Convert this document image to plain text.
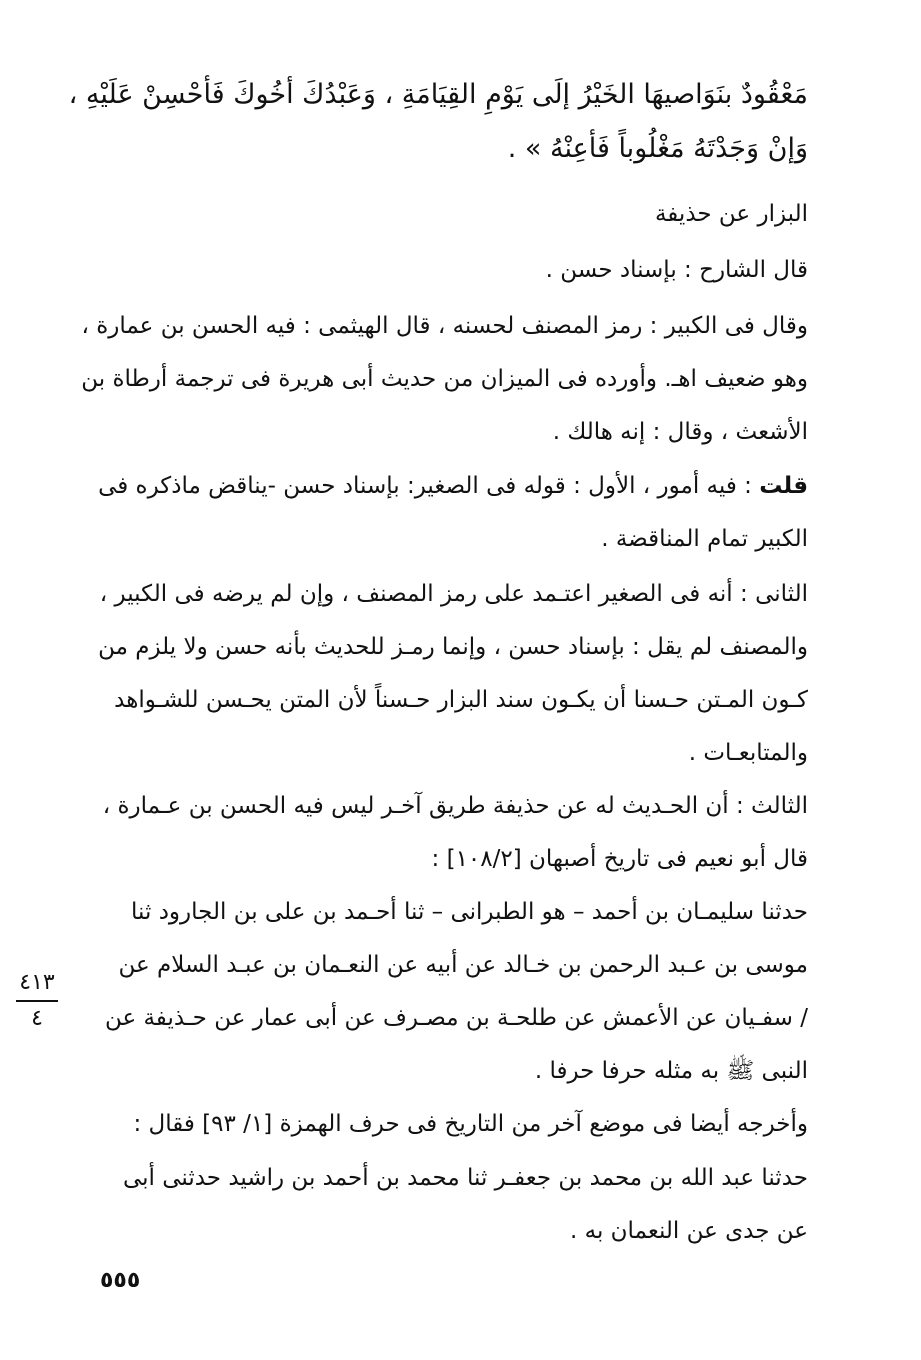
مَعْقُودٌ بنَوَاصيهَا الخَيْرُ إلَى يَوْمِ القِيَامَةِ ، وَعَبْدُكَ أخُوكَ فَأحْسِنْ عَلَيْهِ ،
وَإنْ وَجَدْتَهُ مَغْلُوباً فَأعِنْهُ » .
البزار عن حذيفة
قال الشارح : بإسناد حسن .
وقال فى الكبير : رمز المصنف لحسنه ، قال الهيثمى : فيه الحسن بن عمارة ،
وهو ضعيف اهـ. وأورده فى الميزان من حديث أبى هريرة فى ترجمة أرطاة بن
الأشعث ، وقال : إنه هالك .
قلت : فيه أمور ، الأول : قوله فى الصغير: بإسناد حسن -يناقض ماذكره فى
الكبير تمام المناقضة .
الثانى : أنه فى الصغير اعتـمد على رمز المصنف ، وإن لم يرضه فى الكبير ،
والمصنف لم يقل : بإسناد حسن ، وإنما رمـز للحديث بأنه حسن ولا يلزم من
كـون المـتن حـسنا أن يكـون سند البزار حـسناً لأن المتن يحـسن للشـواهد
والمتابعـات .
الثالث : أن الحـديث له عن حذيفة طريق آخـر ليس فيه الحسن بن عـمارة ،
قال أبو نعيم فى تاريخ أصبهان [١٠٨/٢] :
حدثنا سليمـان بن أحمد – هو الطبرانى – ثنا أحـمد بن على بن الجارود ثنا
موسى بن عـبد الرحمن بن خـالد عن أبيه عن النعـمان بن عبـد السلام عن
/ سفـيان عن الأعمش عن طلحـة بن مصـرف عن أبى عمار عن حـذيفة عن
النبى ﷺ به مثله حرفا حرفا .
وأخرجه أيضا فى موضع آخر من التاريخ فى حرف الهمزة [١/ ٩٣] فقال :
حدثنا عبد الله بن محمد بن جعفـر ثنا محمد بن أحمد بن راشيد حدثنى أبى
عن جدى عن النعمان به .
٤١٣
٤
٥٥٥
